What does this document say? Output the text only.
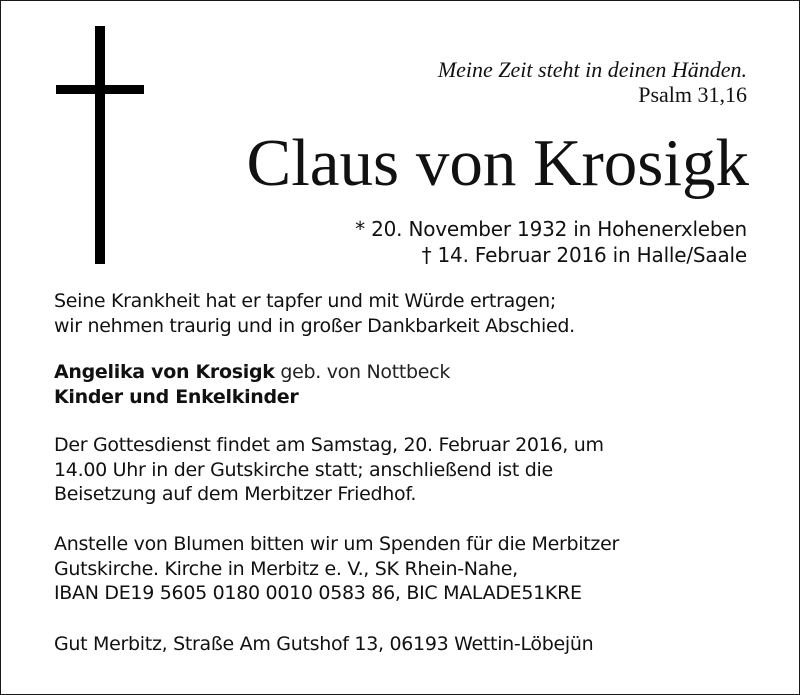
Meine Zeit steht in deinen Händen.
Psalm 31,16
Claus von Krosigk
* 20. November 1932 in Hohenerxleben
† 14. Februar 2016 in Halle/Saale
Seine Krankheit hat er tapfer und mit Würde ertragen;
wir nehmen traurig und in großer Dankbarkeit Abschied.
Angelika von Krosigk geb. von Nottbeck
Kinder und Enkelkinder
Der Gottesdienst findet am Samstag, 20. Februar 2016, um
14.00 Uhr in der Gutskirche statt; anschließend ist die
Beisetzung auf dem Merbitzer Friedhof.
Anstelle von Blumen bitten wir um Spenden für die Merbitzer
Gutskirche. Kirche in Merbitz e. V., SK Rhein-Nahe,
IBAN DE19 5605 0180 0010 0583 86, BIC MALADE51KRE
Gut Merbitz, Straße Am Gutshof 13, 06193 Wettin-Löbejün
